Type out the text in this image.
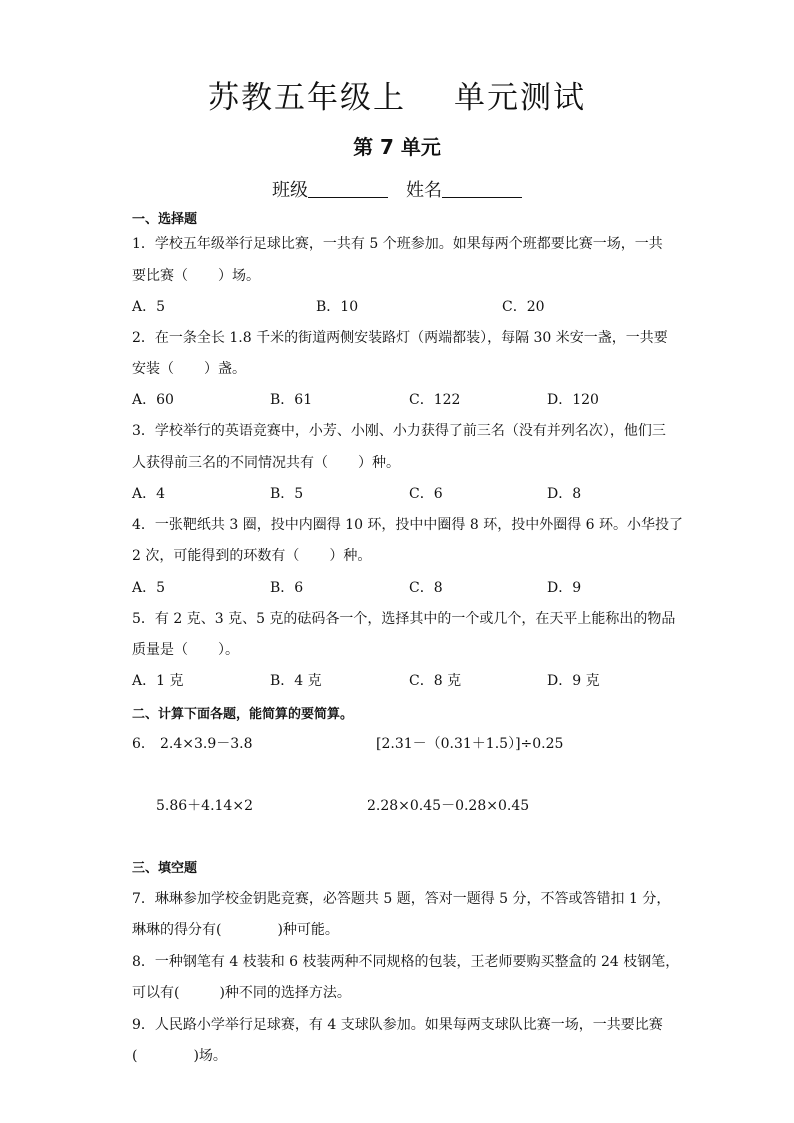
苏教五年级上 单元测试
第 7 单元
班级	姓名
一、选择题
1．学校五年级举行足球比赛，一共有 5 个班参加。如果每两个班都要比赛一场，一共
要比赛（ ）场。
A．5	B．10	C．20
2．在一条全长 1.8 千米的街道两侧安装路灯（两端都装），每隔 30 米安一盏，一共要
安装（ ）盏。
A．60	B．61	C．122	D．120
3．学校举行的英语竞赛中，小芳、小刚、小力获得了前三名（没有并列名次），他们三
人获得前三名的不同情况共有（ ）种。
A．4	B．5	C．6	D．8
4．一张靶纸共 3 圈，投中内圈得 10 环，投中中圈得 8 环，投中外圈得 6 环。小华投了
2 次，可能得到的环数有（ ）种。
A．5	B．6	C．8	D．9
5．有 2 克、3 克、5 克的砝码各一个，选择其中的一个或几个，在天平上能称出的物品
质量是（ ）。
A．1 克	B．4 克	C．8 克	D．9 克
二、计算下面各题，能简算的要简算。
6． 2.4×3.9－3.8	[2.31－（0.31＋1.5）]÷0.25
5.86＋4.14×2	2.28×0.45－0.28×0.45
三、填空题
7．琳琳参加学校金钥匙竞赛，必答题共 5 题，答对一题得 5 分，不答或答错扣 1 分，
琳琳的得分有(	)种可能。
8．一种钢笔有 4 枝装和 6 枝装两种不同规格的包装，王老师要购买整盒的 24 枝钢笔，
可以有(	)种不同的选择方法。
9．人民路小学举行足球赛，有 4 支球队参加。如果每两支球队比赛一场，一共要比赛
(	)场。
